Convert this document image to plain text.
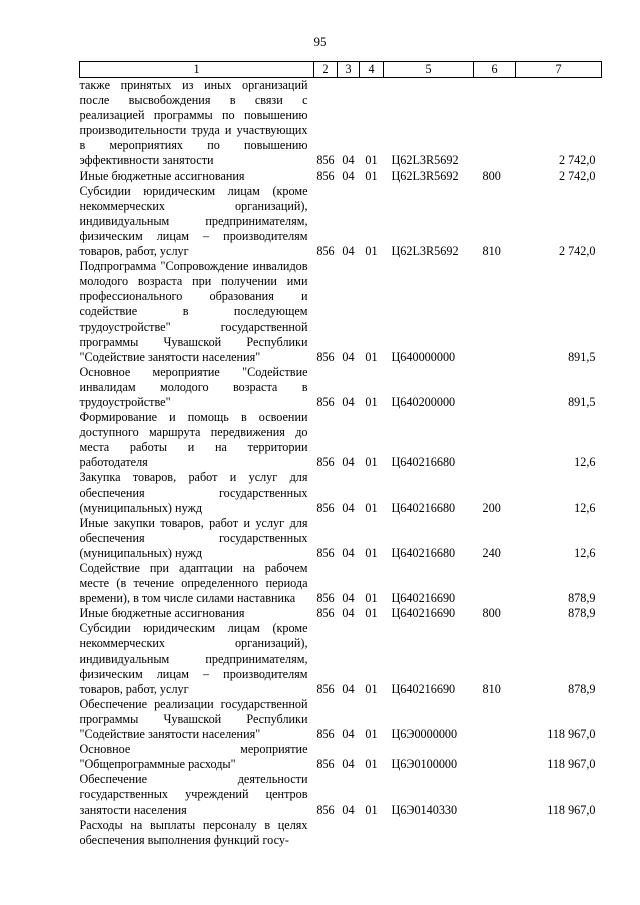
95
1	2	3	4	5	6	7
также принятых из иных организаций после высвобождения в связи с реализацией программы по повышению производительности труда и участвующих в мероприятиях по повышению эффективности занятости	856	04	01	Ц62L3R5692		2 742,0
Иные бюджетные ассигнования	856	04	01	Ц62L3R5692	800	2 742,0
Субсидии юридическим лицам (кроме некоммерческих организаций), индивидуальным предпринимателям, физическим лицам – производителям товаров, работ, услуг	856	04	01	Ц62L3R5692	810	2 742,0
Подпрограмма "Сопровождение инвалидов молодого возраста при получении ими профессионального образования и содействие в последующем трудоустройстве" государственной программы Чувашской Республики "Содействие занятости населения"	856	04	01	Ц640000000		891,5
Основное мероприятие "Содействие инвалидам молодого возраста в трудоустройстве"	856	04	01	Ц640200000		891,5
Формирование и помощь в освоении доступного маршрута передвижения до места работы и на территории работодателя	856	04	01	Ц640216680		12,6
Закупка товаров, работ и услуг для обеспечения государственных (муниципальных) нужд	856	04	01	Ц640216680	200	12,6
Иные закупки товаров, работ и услуг для обеспечения государственных (муниципальных) нужд	856	04	01	Ц640216680	240	12,6
Содействие при адаптации на рабочем месте (в течение определенного периода времени), в том числе силами наставника	856	04	01	Ц640216690		878,9
Иные бюджетные ассигнования	856	04	01	Ц640216690	800	878,9
Субсидии юридическим лицам (кроме некоммерческих организаций), индивидуальным предпринимателям, физическим лицам – производителям товаров, работ, услуг	856	04	01	Ц640216690	810	878,9
Обеспечение реализации государственной программы Чувашской Республики "Содействие занятости населения"	856	04	01	Ц6Э0000000		118 967,0
Основное мероприятие "Общепрограммные расходы"	856	04	01	Ц6Э0100000		118 967,0
Обеспечение деятельности государственных учреждений центров занятости населения	856	04	01	Ц6Э0140330		118 967,0
Расходы на выплаты персоналу в целях обеспечения выполнения функций госу-						
